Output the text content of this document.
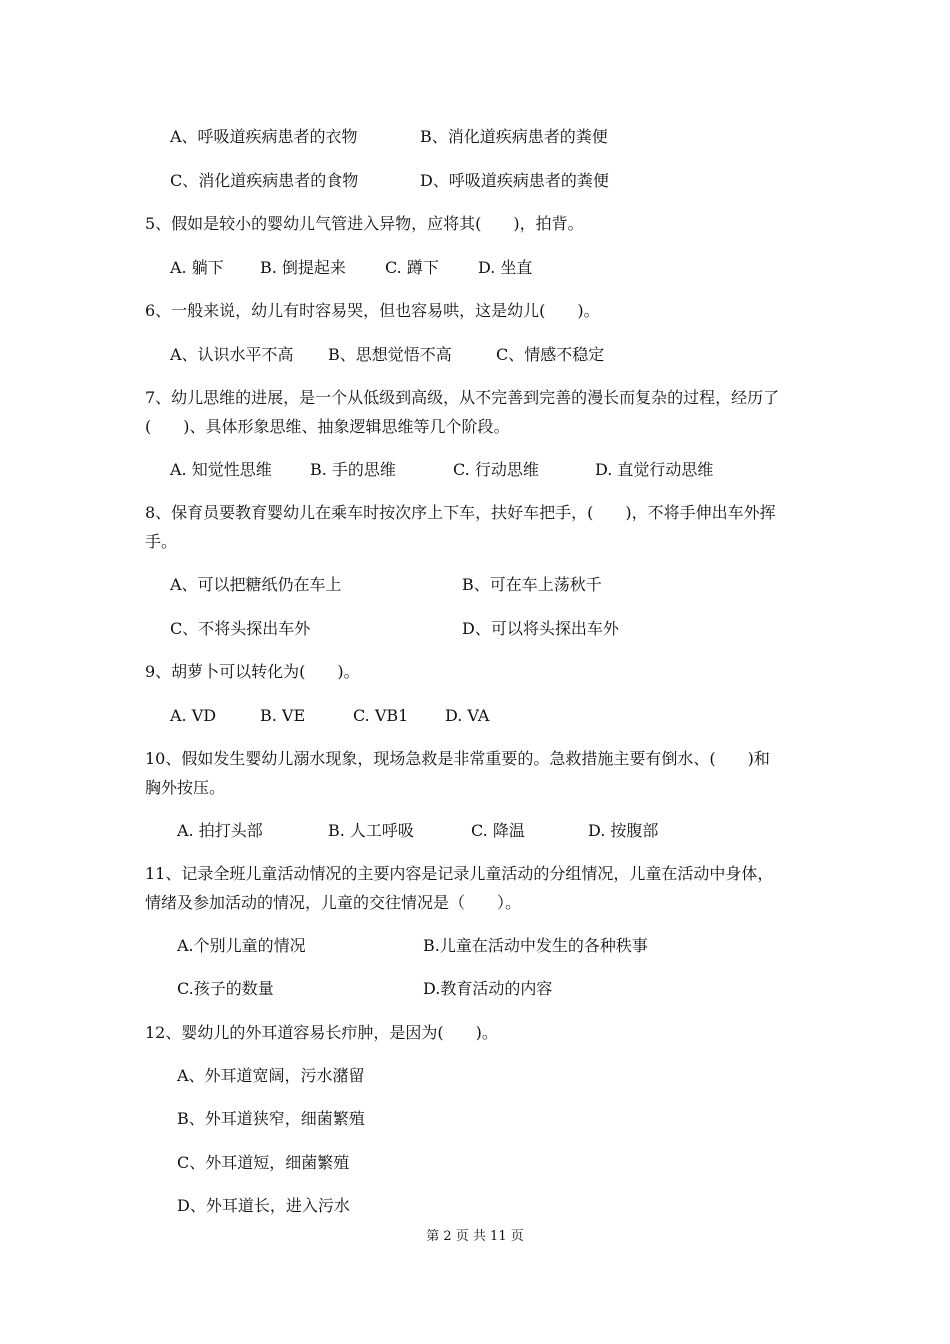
A、呼吸道疾病患者的衣物	B、消化道疾病患者的粪便
C、消化道疾病患者的食物	D、呼吸道疾病患者的粪便
5、假如是较小的婴幼儿气管进入异物，应将其(　　)，拍背。
A. 躺下 B. 倒提起来 C. 蹲下 D. 坐直
6、一般来说，幼儿有时容易哭，但也容易哄，这是幼儿(　　)。
A、认识水平不高 B、思想觉悟不高	C、情感不稳定
7、幼儿思维的进展，是一个从低级到高级，从不完善到完善的漫长而复杂的过程，经历了
(　　)、具体形象思维、抽象逻辑思维等几个阶段。
A. 知觉性思维 B. 手的思维	C. 行动思维	D. 直觉行动思维
8、保育员要教育婴幼儿在乘车时按次序上下车，扶好车把手，(　　)，不将手伸出车外挥
手。
A、可以把糖纸仍在车上	B、可在车上荡秋千
C、不将头探出车外	D、可以将头探出车外
9、胡萝卜可以转化为(　　)。
A. VD	B. VE	C. VB1 D. VA
10、假如发生婴幼儿溺水现象，现场急救是非常重要的。急救措施主要有倒水、(　　)和
胸外按压。
A. 拍打头部	B. 人工呼吸	C. 降温	D. 按腹部
11、记录全班儿童活动情况的主要内容是记录儿童活动的分组情况，儿童在活动中身体，
情绪及参加活动的情况，儿童的交往情况是（　　）。
A.个别儿童的情况	B.儿童在活动中发生的各种秩事
C.孩子的数量	D.教育活动的内容
12、婴幼儿的外耳道容易长疖肿，是因为(　　)。
A、外耳道宽阔，污水潴留
B、外耳道狭窄，细菌繁殖
C、外耳道短，细菌繁殖
D、外耳道长，进入污水
第 2 页 共 11 页
